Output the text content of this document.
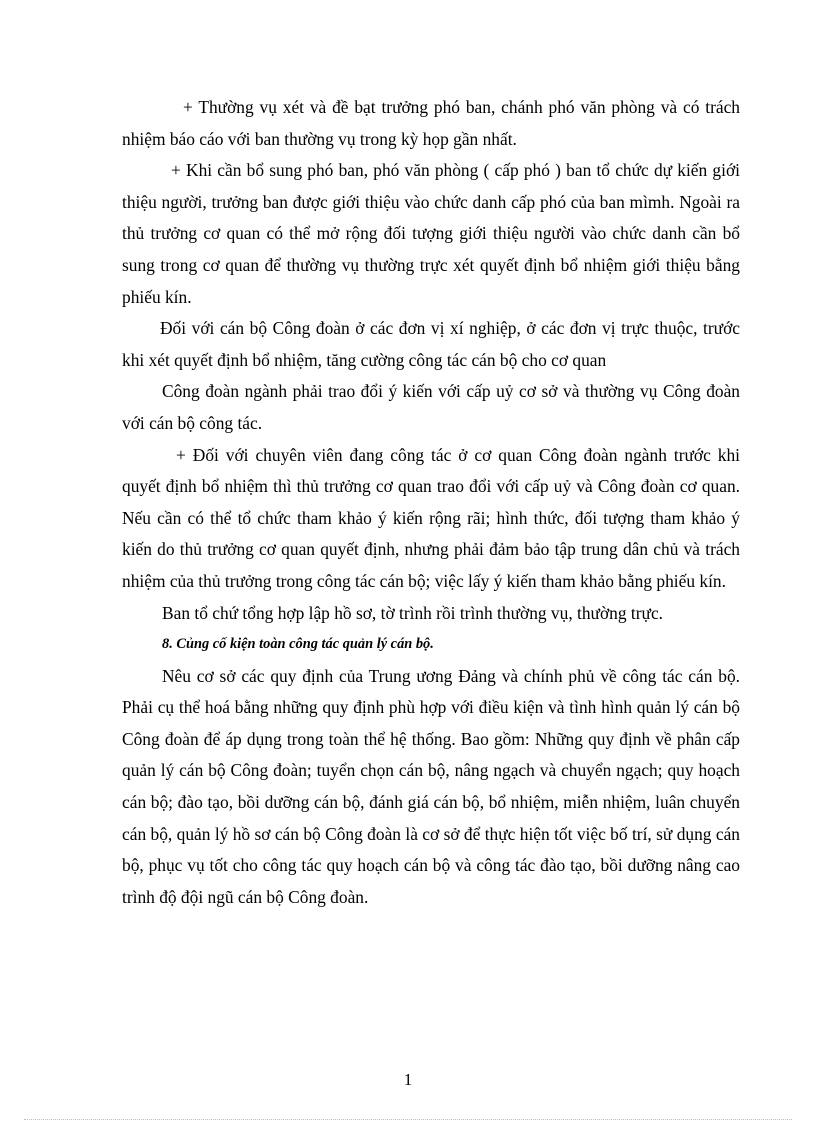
+ Thường vụ xét và đề bạt trưởng phó ban, chánh phó văn phòng và có trách nhiệm báo cáo với ban thường vụ trong kỳ họp gần nhất.

+ Khi cần bổ sung phó ban, phó văn phòng ( cấp phó ) ban tổ chức dự kiến giới thiệu người, trưởng ban được giới thiệu vào chức danh cấp phó của ban mìmh. Ngoài ra thủ trưởng cơ quan có thể mở rộng đối tượng giới thiệu người vào chức danh cần bổ sung trong cơ quan để thường vụ thường trực xét quyết định bổ nhiệm giới thiệu bằng phiếu kín.

Đối với cán bộ Công đoàn ở các đơn vị xí nghiệp, ở các đơn vị trực thuộc, trước khi xét quyết định bổ nhiệm, tăng cường công tác cán bộ cho cơ quan

Công đoàn ngành phải trao đổi ý kiến với cấp uỷ cơ sở và thường vụ Công đoàn với cán bộ công tác.

+ Đối với chuyên viên đang công tác ở cơ quan Công đoàn ngành trước khi quyết định bổ nhiệm thì thủ trưởng cơ quan trao đổi với cấp uỷ và Công đoàn cơ quan. Nếu cần có thể tổ chức tham khảo ý kiến rộng rãi; hình thức, đối tượng tham khảo ý kiến do thủ trưởng cơ quan quyết định, nhưng phải đảm bảo tập trung dân chủ và trách nhiệm của thủ trưởng trong công tác cán bộ; việc lấy ý kiến tham khảo bằng phiếu kín.

Ban tổ chứ tổng hợp lập hồ sơ, tờ trình rồi trình thường vụ, thường trực.

8. Củng cố kiện toàn công tác quản lý cán bộ.

Nêu cơ sở các quy định của Trung ương Đảng và chính phủ về công tác cán bộ. Phải cụ thể hoá bằng những quy định phù hợp với điều kiện và tình hình quản lý cán bộ Công đoàn để áp dụng trong toàn thể hệ thống. Bao gồm: Những quy định về phân cấp quản lý cán bộ Công đoàn; tuyển chọn cán bộ, nâng ngạch và chuyển ngạch; quy hoạch cán bộ; đào tạo, bồi dưỡng cán bộ, đánh giá cán bộ, bổ nhiệm, miễn nhiệm, luân chuyển cán bộ, quản lý hồ sơ cán bộ Công đoàn là cơ sở để thực hiện tốt việc bố trí, sử dụng cán bộ, phục vụ tốt cho công tác quy hoạch cán bộ và công tác đào tạo, bồi dưỡng nâng cao trình độ đội ngũ cán bộ Công đoàn.

1
